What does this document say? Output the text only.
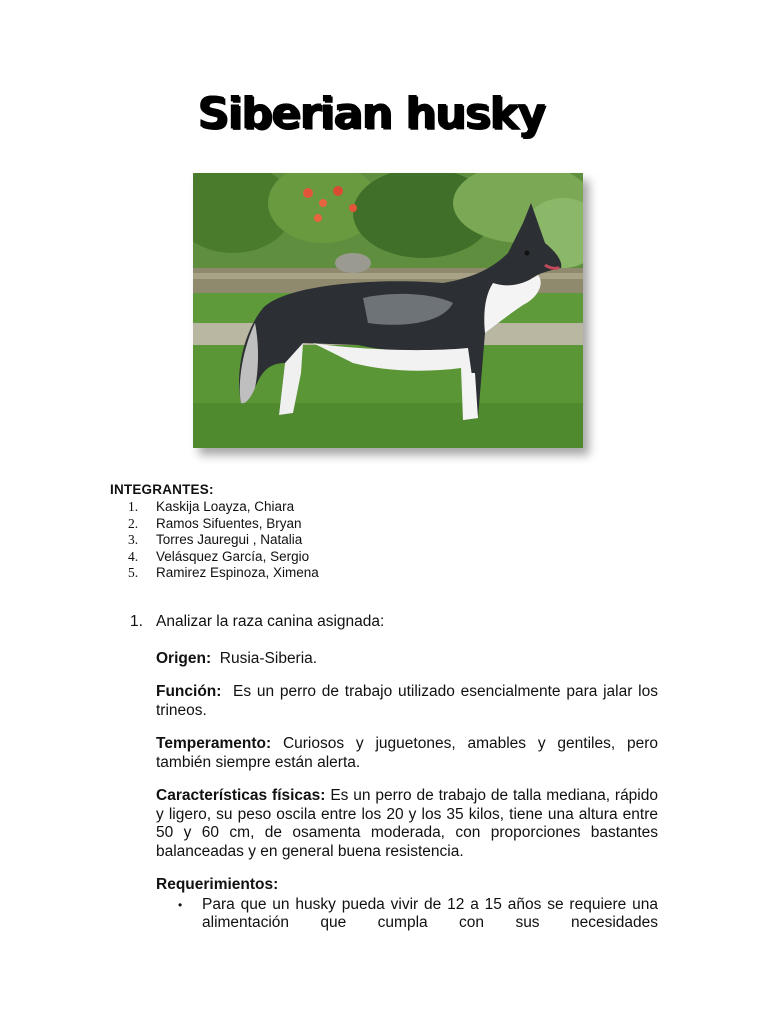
Siberian husky
INTEGRANTES:
1.	Kaskija Loayza, Chiara
2.	Ramos Sifuentes, Bryan
3.	Torres Jauregui , Natalia
4.	Velásquez García, Sergio
5.	Ramirez Espinoza, Ximena
1. Analizar la raza canina asignada:

Origen: Rusia-Siberia.

Función: Es un perro de trabajo utilizado esencialmente para jalar los trineos.

Temperamento: Curiosos y juguetones, amables y gentiles, pero también siempre están alerta.

Características físicas: Es un perro de trabajo de talla mediana, rápido y ligero, su peso oscila entre los 20 y los 35 kilos, tiene una altura entre 50 y 60 cm, de osamenta moderada, con proporciones bastantes balanceadas y en general buena resistencia.

Requerimientos:

•	Para que un husky pueda vivir de 12 a 15 años se requiere una alimentación que cumpla con sus necesidades
